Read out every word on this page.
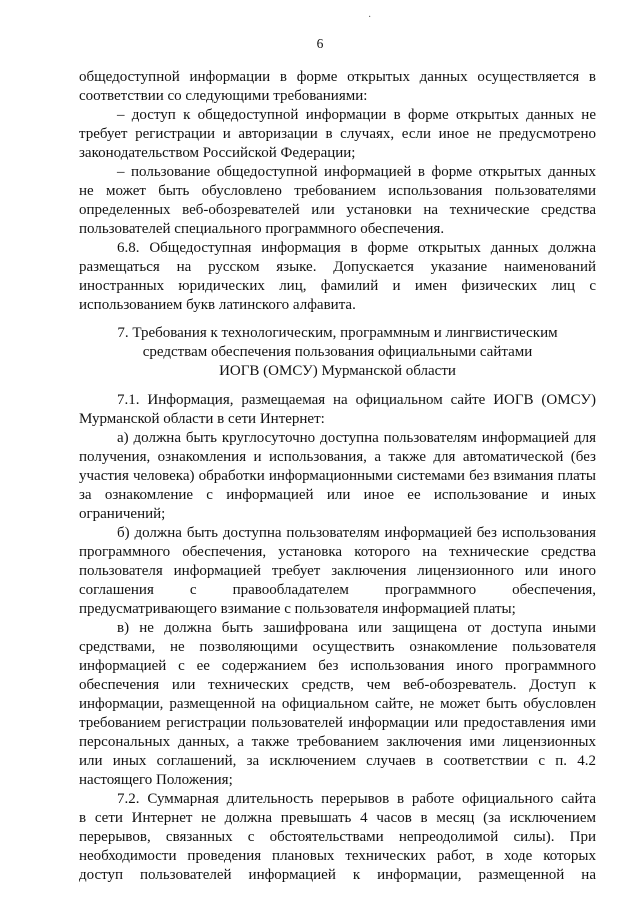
·
6
общедоступной информации в форме открытых данных осуществляется в
соответствии со следующими требованиями:
– доступ к общедоступной информации в форме открытых данных не
требует регистрации и авторизации в случаях, если иное не предусмотрено
законодательством Российской Федерации;
– пользование общедоступной информацией в форме открытых данных
не может быть обусловлено требованием использования пользователями
определенных веб-обозревателей или установки на технические средства
пользователей специального программного обеспечения.
6.8. Общедоступная информация в форме открытых данных должна
размещаться на русском языке. Допускается указание наименований
иностранных юридических лиц, фамилий и имен физических лиц с
использованием букв латинского алфавита.
7. Требования к технологическим, программным и лингвистическим
средствам обеспечения пользования официальными сайтами
ИОГВ (ОМСУ) Мурманской области
7.1. Информация, размещаемая на официальном сайте ИОГВ (ОМСУ)
Мурманской области в сети Интернет:
а) должна быть круглосуточно доступна пользователям информацией для
получения, ознакомления и использования, а также для автоматической (без
участия человека) обработки информационными системами без взимания платы
за ознакомление с информацией или иное ее использование и иных
ограничений;
б) должна быть доступна пользователям информацией без использования
программного обеспечения, установка которого на технические средства
пользователя информацией требует заключения лицензионного или иного
соглашения с правообладателем программного обеспечения,
предусматривающего взимание с пользователя информацией платы;
в) не должна быть зашифрована или защищена от доступа иными
средствами, не позволяющими осуществить ознакомление пользователя
информацией с ее содержанием без использования иного программного
обеспечения или технических средств, чем веб-обозреватель. Доступ к
информации, размещенной на официальном сайте, не может быть обусловлен
требованием регистрации пользователей информации или предоставления ими
персональных данных, а также требованием заключения ими лицензионных
или иных соглашений, за исключением случаев в соответствии с п. 4.2
настоящего Положения;
7.2. Суммарная длительность перерывов в работе официального сайта
в сети Интернет не должна превышать 4 часов в месяц (за исключением
перерывов, связанных с обстоятельствами непреодолимой силы). При
необходимости проведения плановых технических работ, в ходе которых
доступ пользователей информацией к информации, размещенной на
